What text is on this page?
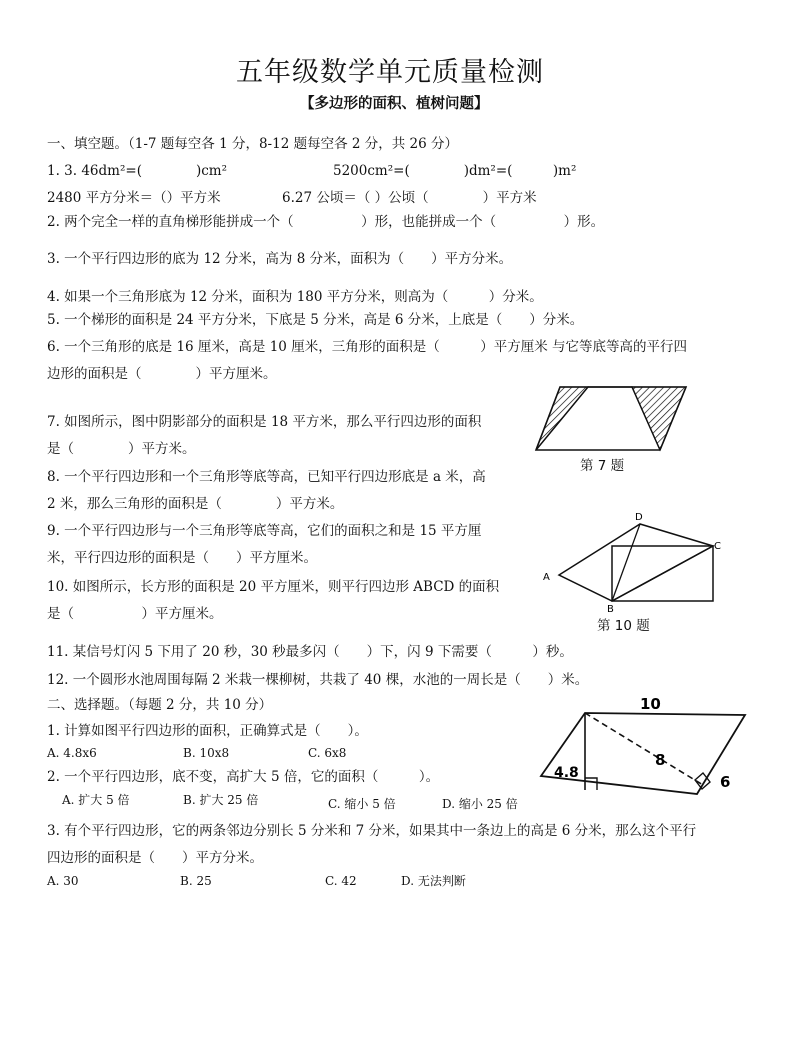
五年级数学单元质量检测
【多边形的面积、植树问题】
一、填空题。（1-7 题每空各 1 分，8-12 题每空各 2 分，共 26 分）
1. 3. 46dm²=(　　　　)cm²	5200cm²=(　　　　)dm²=(　　　)m²
2480 平方分米＝（）平方米	6.27 公顷＝（ ）公顷（　　　　）平方米
2. 两个完全一样的直角梯形能拼成一个（　　　　　）形，也能拼成一个（　　　　　）形。
3. 一个平行四边形的底为 12 分米，高为 8 分米，面积为（　　）平方分米。
4. 如果一个三角形底为 12 分米，面积为 180 平方分米，则高为（　　　）分米。
5. 一个梯形的面积是 24 平方分米，下底是 5 分米，高是 6 分米，上底是（　　）分米。
6. 一个三角形的底是 16 厘米，高是 10 厘米，三角形的面积是（　　　）平方厘米 与它等底等高的平行四
边形的面积是（　　　　）平方厘米。
7. 如图所示，图中阴影部分的面积是 18 平方米，那么平行四边形的面积
是（　　　　）平方米。
8. 一个平行四边形和一个三角形等底等高，已知平行四边形底是 a 米，高
2 米，那么三角形的面积是（　　　　）平方米。
9. 一个平行四边形与一个三角形等底等高，它们的面积之和是 15 平方厘
米，平行四边形的面积是（　　）平方厘米。
10. 如图所示，长方形的面积是 20 平方厘米，则平行四边形 ABCD 的面积
是（　　　　　）平方厘米。
11. 某信号灯闪 5 下用了 20 秒，30 秒最多闪（　　）下，闪 9 下需要（　　　）秒。
12. 一个圆形水池周围每隔 2 米栽一棵柳树，共栽了 40 棵，水池的一周长是（　　）米。
二、选择题。（每题 2 分，共 10 分）
1. 计算如图平行四边形的面积，正确算式是（　　）。
A. 4.8x6	B. 10x8	C. 6x8
2. 一个平行四边形，底不变，高扩大 5 倍，它的面积（　　　）。
A. 扩大 5 倍	B. 扩大 25 倍	C. 缩小 5 倍	D. 缩小 25 倍
3. 有个平行四边形，它的两条邻边分别长 5 分米和 7 分米，如果其中一条边上的高是 6 分米，那么这个平行
四边形的面积是（　　）平方分米。
A. 30	B. 25	C. 42	D. 无法判断
第 7 题
A
B
C
D
第 10 题
10
8
4.8	6
